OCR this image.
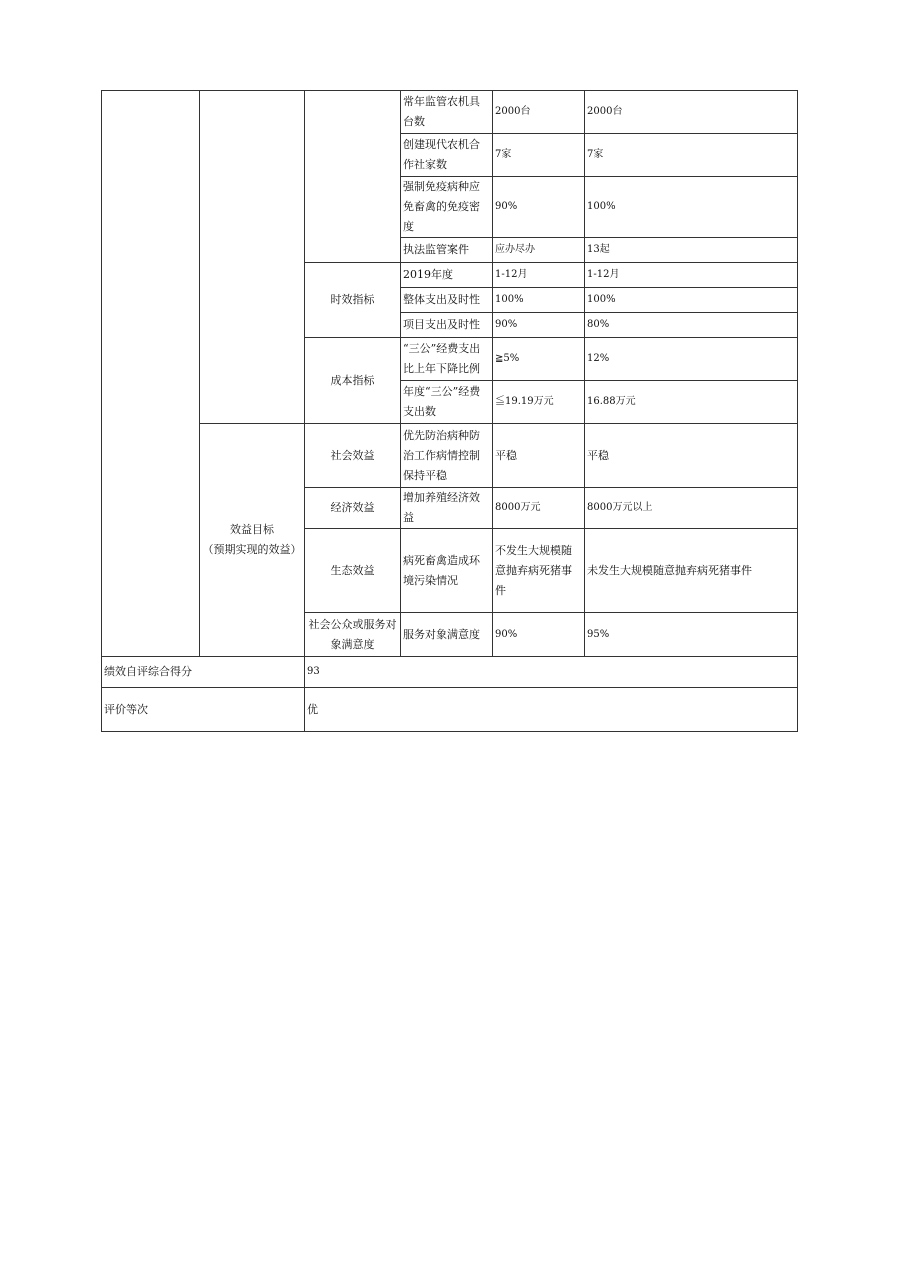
			常年监管农机具台数	2000台	2000台
			创建现代农机合作社家数	7家	7家
			强制免疫病种应免畜禽的免疫密度	90%	100%
			执法监管案件	应办尽办	13起
		时效指标	2019年度	1-12月	1-12月
			整体支出及时性	100%	100%
			项目支出及时性	90%	80%
		成本指标	“三公”经费支出比上年下降比例	≧5%	12%
			年度“三公”经费支出数	≦19.19万元	16.88万元

	效益目标
（预期实现的效益）	社会效益	优先防治病种防治工作病情控制保持平稳	平稳	平稳
		经济效益	增加养殖经济效益	8000万元	8000万元以上
		生态效益	病死畜禽造成环境污染情况	不发生大规模随意抛弃病死猪事件	未发生大规模随意抛弃病死猪事件
		社会公众或服务对象满意度	服务对象满意度	90%	95%
绩效自评综合得分		93			
评价等次		优			
